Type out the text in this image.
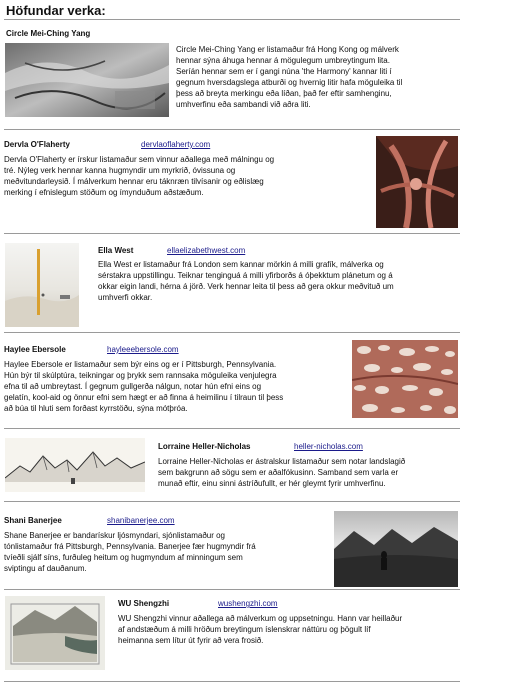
Höfundar verka:
Circle Mei-Ching Yang

Circle Mei-Ching Yang er listamaður frá Hong Kong og málverk
hennar sýna áhuga hennar á mögulegum umbreytingum lita.
Seríán hennar sem er í gangi núna 'the Harmony' kannar liti í
gegnum hversdagslega atburði og hvernig litir hafa möguleika til
þess að breyta merkingu eða líðan, það fer eftir samhenginu,
umhverfinu eða sambandi við aðra liti.

Dervla O'Flaherty	dervlaoflaherty.com

Dervla O'Flaherty er írskur listamaður sem vinnur aðallega með málningu og
tré. Nýleg verk hennar kanna hugmyndir um myrkrið, óvissuna og
meðvitundarleysið. Í málverkum hennar eru táknræn tilvísanir og eðlislæg
merking í efnislegum stöðum og ímynduðum aðstæðum.

Ella West	ellaelizabethwest.com

Ella West er listamaður frá London sem kannar mörkin á milli grafík, málverka og
sérstakra uppstillingu. Teiknar tenginguá á milli yfirborðs á óþekktum plánetum og á
okkar eigin landi, hérna á jörð. Verk hennar leita til þess að gera okkur meðvituð um
umhverfi okkar.

Haylee Ebersole	hayleeebersole.com

Haylee Ebersole er listamaður sem býr eins og er í Pittsburgh, Pennsylvania.
Hún býr til skúlptúra, teikningar og þrykk sem rannsaka möguleika venjulegra
efna til að umbreytast. Í gegnum gullgerða nálgun, notar hún efni eins og
gelatín, kool-aid og önnur efni sem hægt er að finna á heimilinu í tilraun til þess
að búa til hluti sem forðast kyrrstöðu, sýna mótþróa.

Lorraine Heller-Nicholas	heller-nicholas.com

Lorraine Heller-Nicholas er ástralskur listamaður sem notar landslagið
sem bakgrunn að sögu sem er aðalfókusinn. Samband sem varla er
munað eftir, einu sinni ástríðufullt, er hér gleymt fyrir umhverfinu.

Shani Banerjee	shanibanerjee.com

Shane Banerjee er bandarískur ljósmyndari, sjónlistamaður og
tónlistamaður frá Pittsburgh, Pennsylvania. Banerjee fær hugmyndir frá
tvíeðli sjálf síns, furðuleg heitum og hugmyndum af minningum sem
sviptingu af dauðanum.

WU Shengzhi	wushengzhi.com

WU Shengzhi vinnur aðallega að málverkum og uppsetningu. Hann var heillaður
af andstæðum á milli hröðum breytingum íslenskrar náttúru og þögult líf
heimanna sem lítur út fyrir að vera frosið.
